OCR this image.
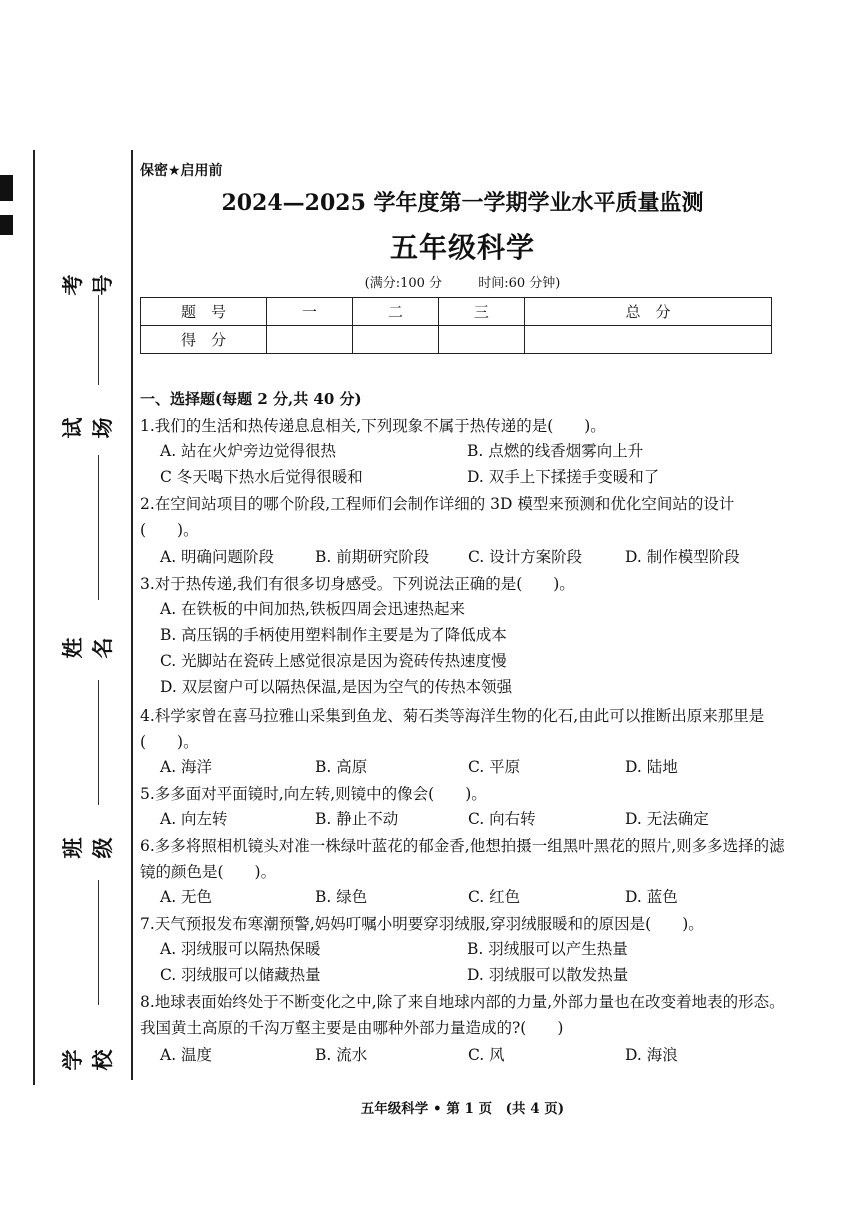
考号
试场
姓名
班级
学校
保密★启用前
2024—2025 学年度第一学期学业水平质量监测
五年级科学
(满分:100 分	时间:60 分钟)
题　号	一	二	三	总　分
得　分				
一、选择题(每题 2 分,共 40 分)
1.我们的生活和热传递息息相关,下列现象不属于热传递的是(　　)。
A. 站在火炉旁边觉得很热	B. 点燃的线香烟雾向上升
C 冬天喝下热水后觉得很暖和	D. 双手上下揉搓手变暖和了
2.在空间站项目的哪个阶段,工程师们会制作详细的 3D 模型来预测和优化空间站的设计(　　)。
A. 明确问题阶段	B. 前期研究阶段	C. 设计方案阶段	D. 制作模型阶段
3.对于热传递,我们有很多切身感受。下列说法正确的是(　　)。
A. 在铁板的中间加热,铁板四周会迅速热起来
B. 高压锅的手柄使用塑料制作主要是为了降低成本
C. 光脚站在瓷砖上感觉很凉是因为瓷砖传热速度慢
D. 双层窗户可以隔热保温,是因为空气的传热本领强
4.科学家曾在喜马拉雅山采集到鱼龙、菊石类等海洋生物的化石,由此可以推断出原来那里是(　　)。
A. 海洋	B. 高原	C. 平原	D. 陆地
5.多多面对平面镜时,向左转,则镜中的像会(　　)。
A. 向左转	B. 静止不动	C. 向右转	D. 无法确定
6.多多将照相机镜头对准一株绿叶蓝花的郁金香,他想拍摄一组黑叶黑花的照片,则多多选择的滤镜的颜色是(　　)。
A. 无色	B. 绿色	C. 红色	D. 蓝色
7.天气预报发布寒潮预警,妈妈叮嘱小明要穿羽绒服,穿羽绒服暖和的原因是(　　)。
A. 羽绒服可以隔热保暖	B. 羽绒服可以产生热量
C. 羽绒服可以储藏热量	D. 羽绒服可以散发热量
8.地球表面始终处于不断变化之中,除了来自地球内部的力量,外部力量也在改变着地表的形态。我国黄土高原的千沟万壑主要是由哪种外部力量造成的?(　　)
A. 温度	B. 流水	C. 风	D. 海浪
五年级科学 • 第 1 页　(共 4 页)
